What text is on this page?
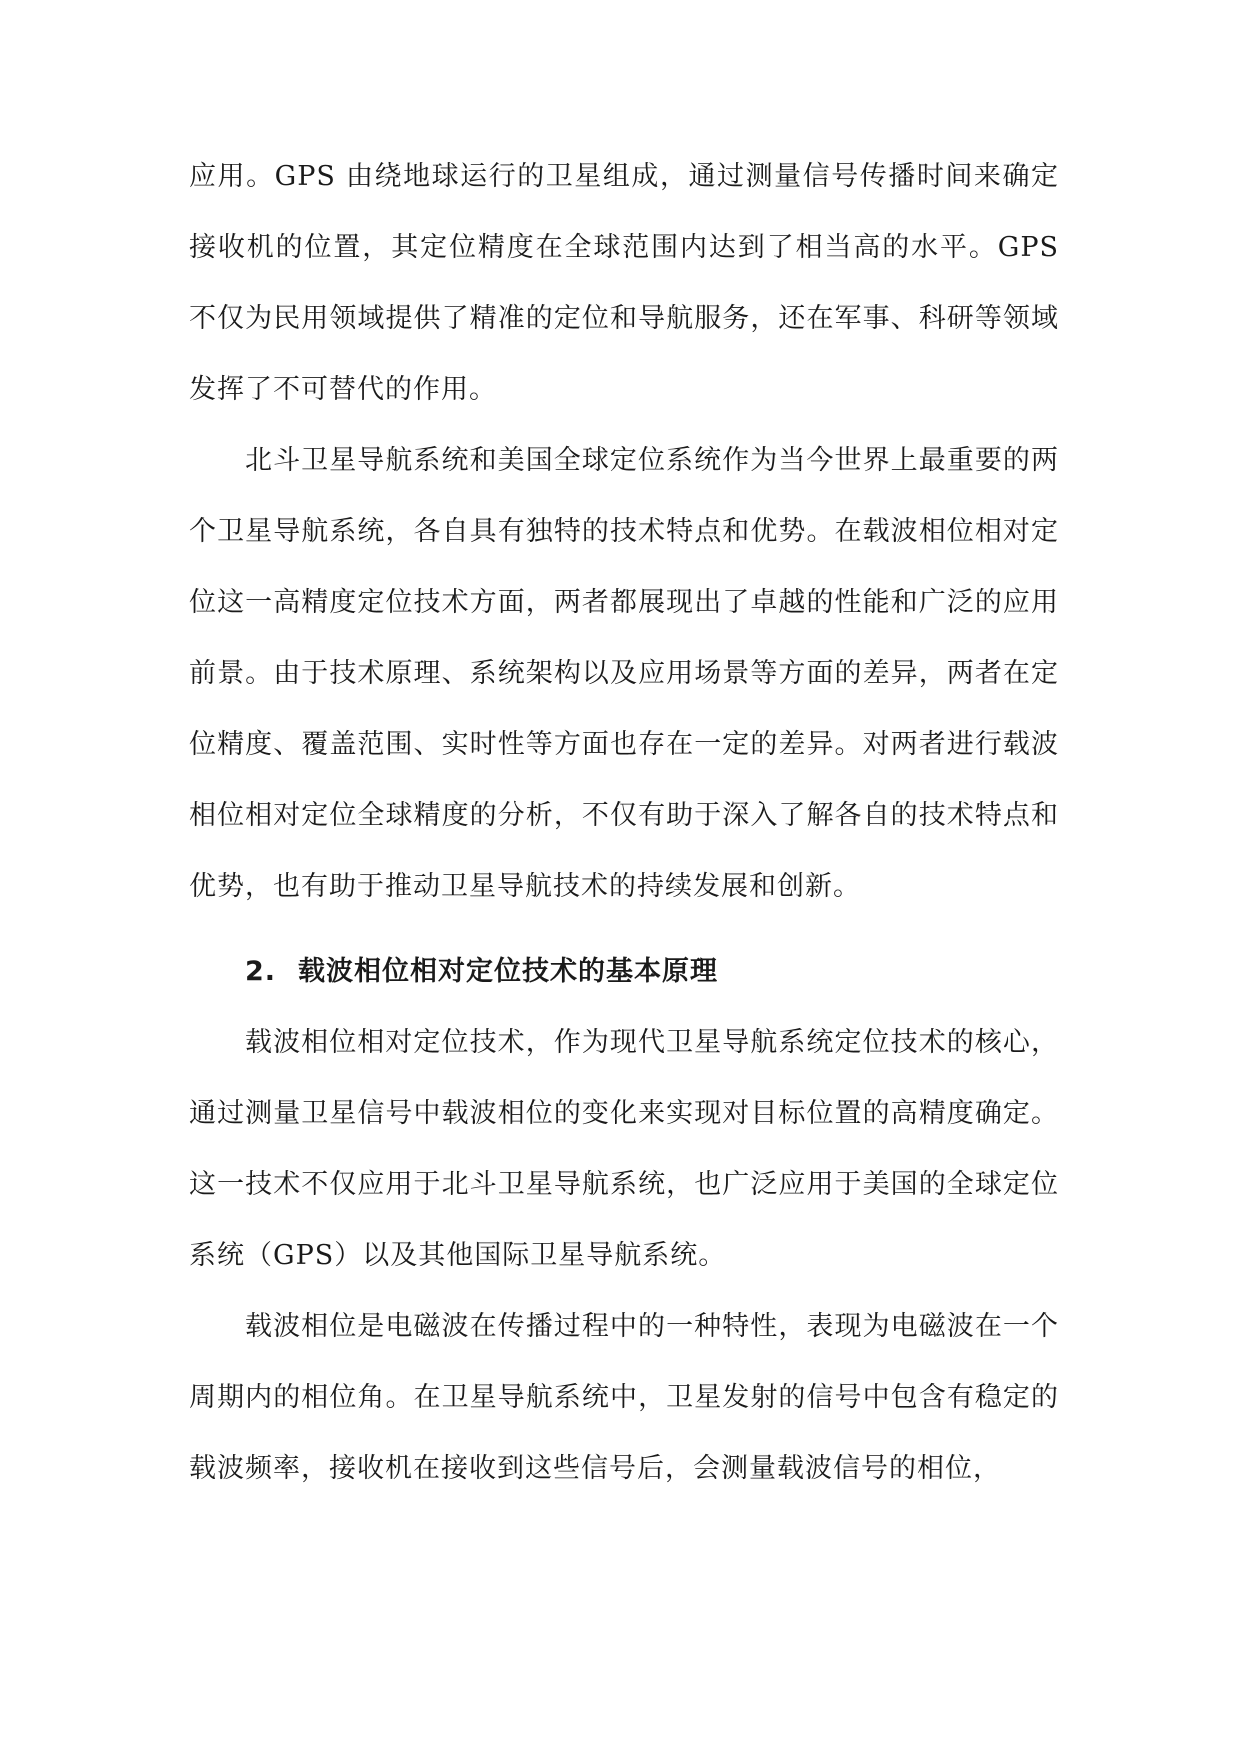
应用。GPS 由绕地球运行的卫星组成，通过测量信号传播时间来确定接收机的位置，其定位精度在全球范围内达到了相当高的水平。GPS 不仅为民用领域提供了精准的定位和导航服务，还在军事、科研等领域发挥了不可替代的作用。

北斗卫星导航系统和美国全球定位系统作为当今世界上最重要的两个卫星导航系统，各自具有独特的技术特点和优势。在载波相位相对定位这一高精度定位技术方面，两者都展现出了卓越的性能和广泛的应用前景。由于技术原理、系统架构以及应用场景等方面的差异，两者在定位精度、覆盖范围、实时性等方面也存在一定的差异。对两者进行载波相位相对定位全球精度的分析，不仅有助于深入了解各自的技术特点和优势，也有助于推动卫星导航技术的持续发展和创新。

2. 载波相位相对定位技术的基本原理

载波相位相对定位技术，作为现代卫星导航系统定位技术的核心，通过测量卫星信号中载波相位的变化来实现对目标位置的高精度确定。这一技术不仅应用于北斗卫星导航系统，也广泛应用于美国的全球定位系统（GPS）以及其他国际卫星导航系统。

载波相位是电磁波在传播过程中的一种特性，表现为电磁波在一个周期内的相位角。在卫星导航系统中，卫星发射的信号中包含有稳定的载波频率，接收机在接收到这些信号后，会测量载波信号的相位，
